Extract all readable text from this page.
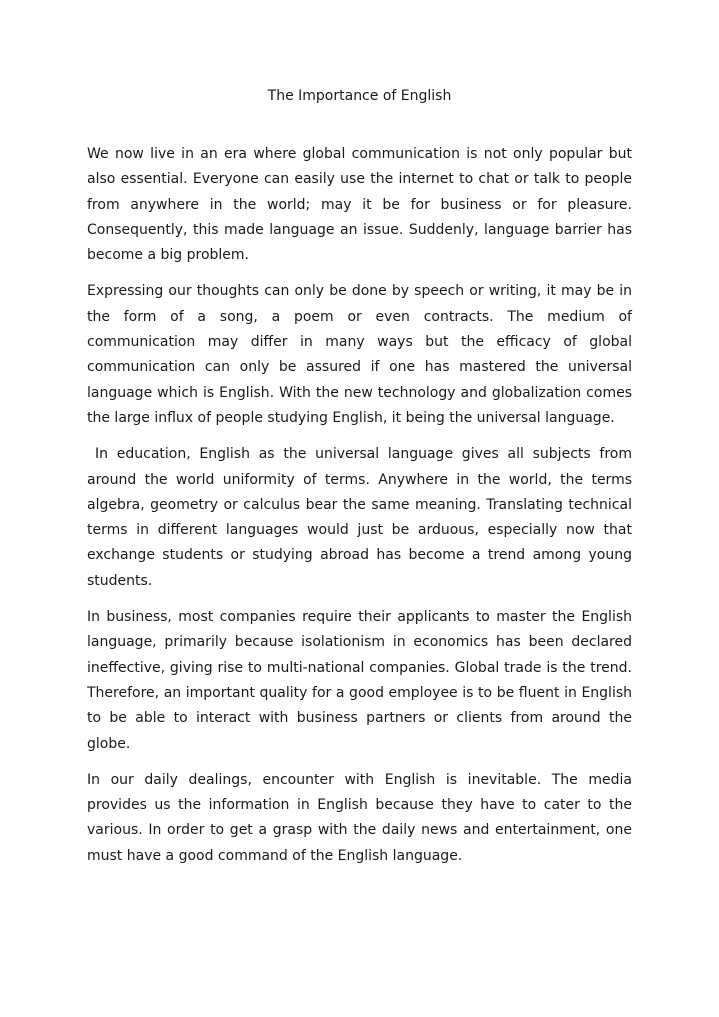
The Importance of English

We now live in an era where global communication is not only popular but also essential. Everyone can easily use the internet to chat or talk to people from anywhere in the world; may it be for business or for pleasure. Consequently, this made language an issue. Suddenly, language barrier has become a big problem.

Expressing our thoughts can only be done by speech or writing, it may be in the form of a song, a poem or even contracts. The medium of communication may differ in many ways but the efficacy of global communication can only be assured if one has mastered the universal language which is English. With the new technology and globalization comes the large influx of people studying English, it being the universal language.

In education, English as the universal language gives all subjects from around the world uniformity of terms. Anywhere in the world, the terms algebra, geometry or calculus bear the same meaning. Translating technical terms in different languages would just be arduous, especially now that exchange students or studying abroad has become a trend among young students.

In business, most companies require their applicants to master the English language, primarily because isolationism in economics has been declared ineffective, giving rise to multi-national companies. Global trade is the trend. Therefore, an important quality for a good employee is to be fluent in English to be able to interact with business partners or clients from around the globe.

In our daily dealings, encounter with English is inevitable. The media provides us the information in English because they have to cater to the various. In order to get a grasp with the daily news and entertainment, one must have a good command of the English language.
